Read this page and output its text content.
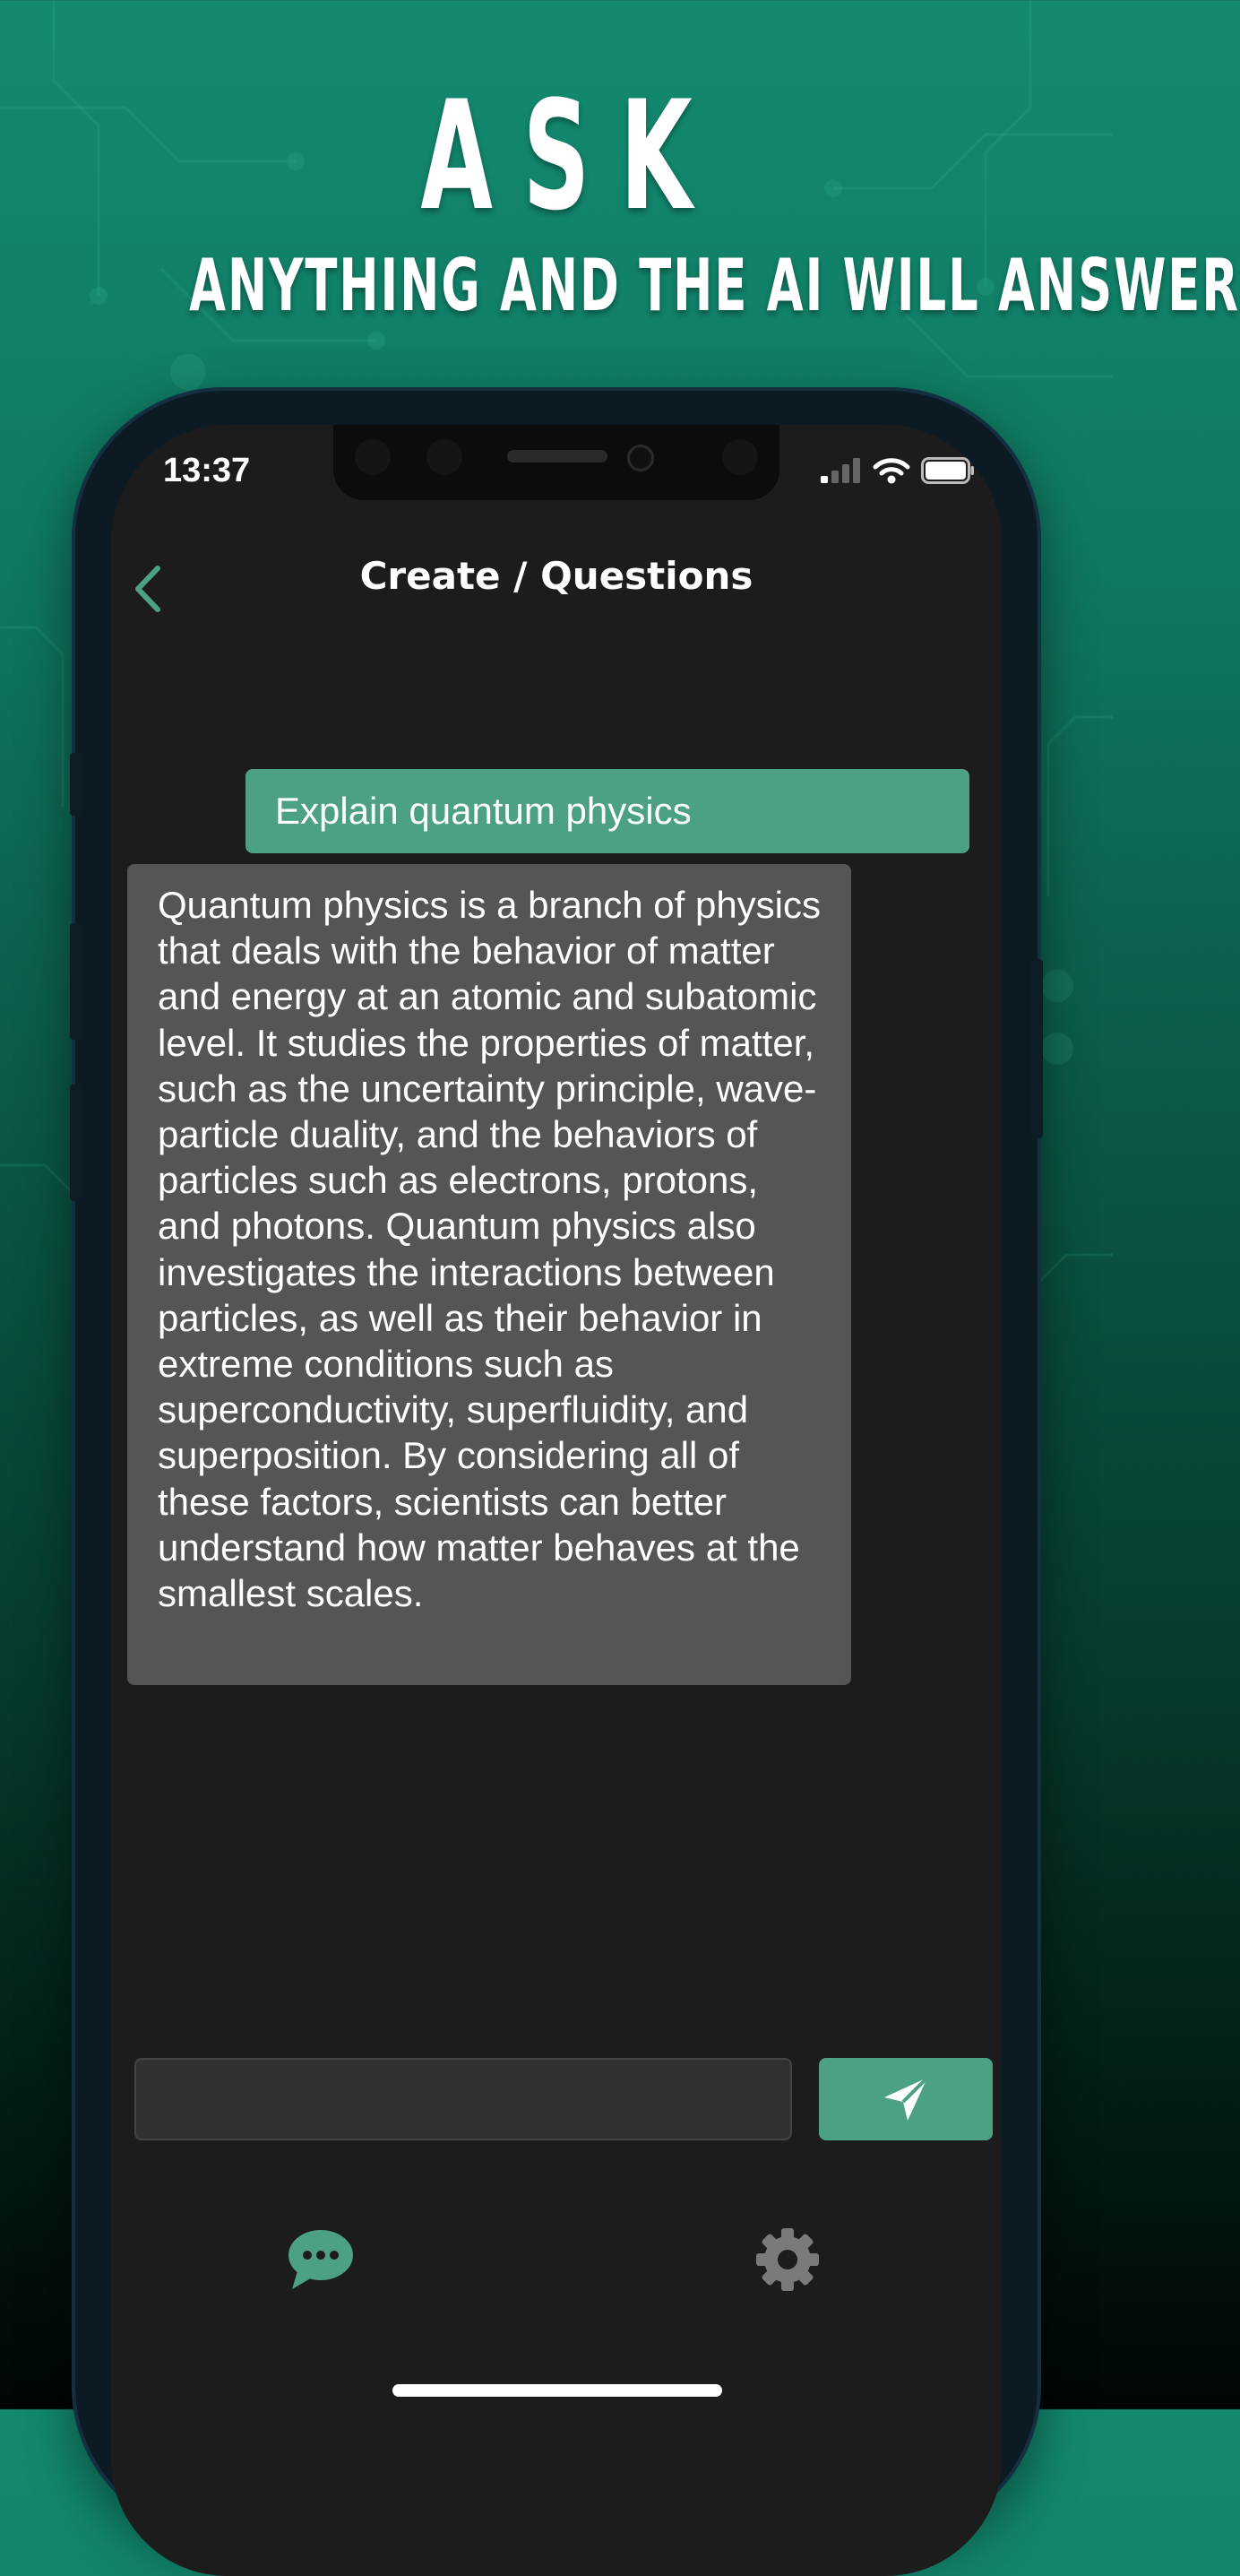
ASK
ANYTHING AND THE AI WILL ANSWER
13:37
Create / Questions
Explain quantum physics
Quantum physics is a branch of physics that deals with the behavior of matter and energy at an atomic and subatomic level. It studies the properties of matter, such as the uncertainty principle, wave-particle duality, and the behaviors of particles such as electrons, protons, and photons. Quantum physics also investigates the interactions between particles, as well as their behavior in extreme conditions such as superconductivity, superfluidity, and superposition. By considering all of these factors, scientists can better understand how matter behaves at the smallest scales.
